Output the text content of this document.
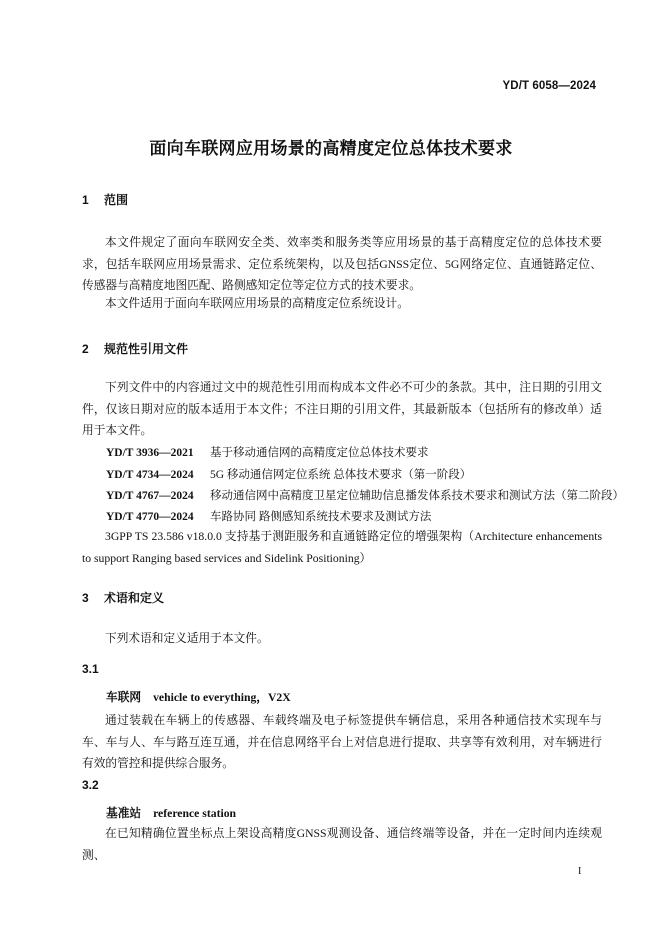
YD/T 6058—2024
面向车联网应用场景的高精度定位总体技术要求
1 范围
本文件规定了面向车联网安全类、效率类和服务类等应用场景的基于高精度定位的总体技术要求，包括车联网应用场景需求、定位系统架构，以及包括GNSS定位、5G网络定位、直通链路定位、传感器与高精度地图匹配、路侧感知定位等定位方式的技术要求。
本文件适用于面向车联网应用场景的高精度定位系统设计。
2 规范性引用文件
下列文件中的内容通过文中的规范性引用而构成本文件必不可少的条款。其中，注日期的引用文件，仅该日期对应的版本适用于本文件；不注日期的引用文件，其最新版本（包括所有的修改单）适用于本文件。
YD/T 3936—2021 基于移动通信网的高精度定位总体技术要求
YD/T 4734—2024 5G 移动通信网定位系统 总体技术要求（第一阶段）
YD/T 4767—2024 移动通信网中高精度卫星定位辅助信息播发体系技术要求和测试方法（第二阶段）
YD/T 4770—2024 车路协同 路侧感知系统技术要求及测试方法
3GPP TS 23.586 v18.0.0 支持基于测距服务和直通链路定位的增强架构（Architecture enhancements to support Ranging based services and Sidelink Positioning）
3 术语和定义
下列术语和定义适用于本文件。
3.1
车联网 vehicle to everything，V2X
通过装载在车辆上的传感器、车载终端及电子标签提供车辆信息，采用各种通信技术实现车与车、车与人、车与路互连互通，并在信息网络平台上对信息进行提取、共享等有效利用，对车辆进行有效的管控和提供综合服务。
3.2
基准站 reference station
在已知精确位置坐标点上架设高精度GNSS观测设备、通信终端等设备，并在一定时间内连续观测、
I
